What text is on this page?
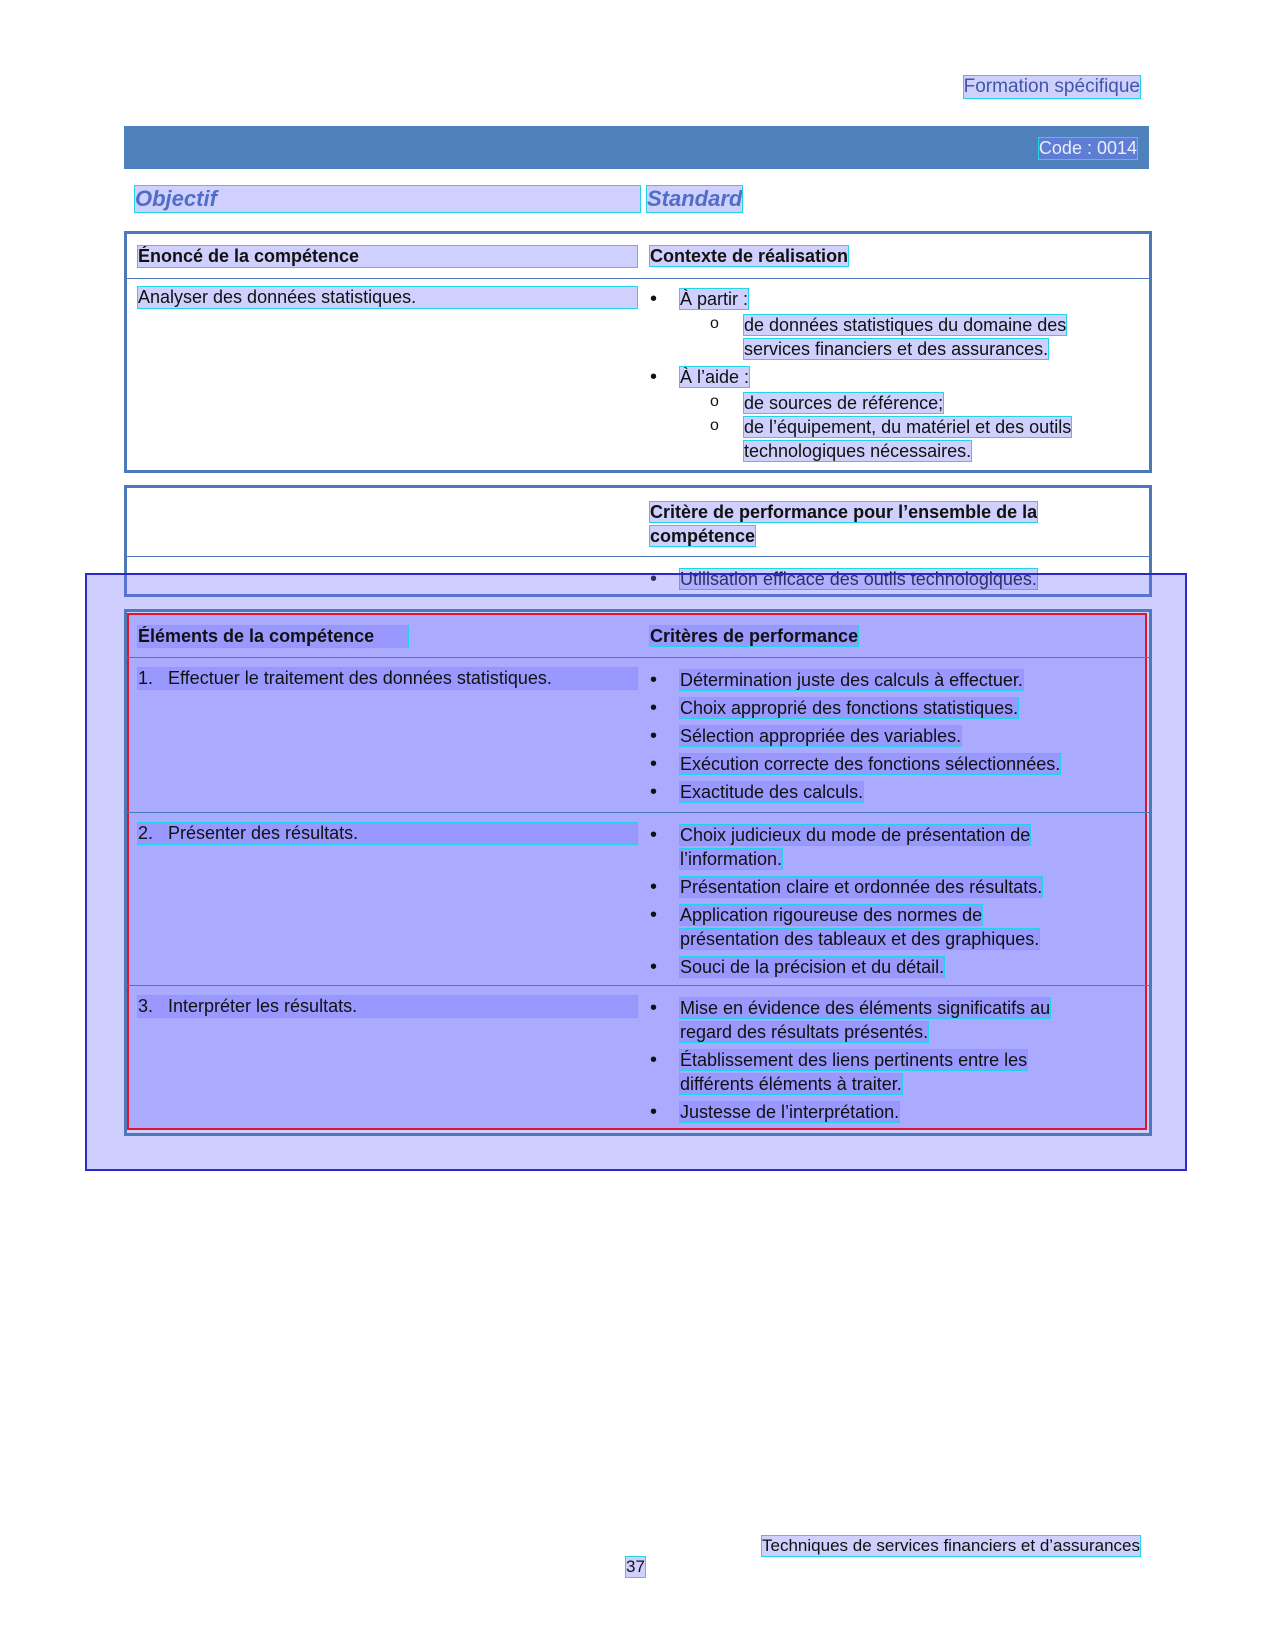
Formation spécifique
Code : 0014
Objectif	Standard
Énoncé de la compétence	Contexte de réalisation
Analyser des données statistiques.	• À partir :
o de données statistiques du domaine des services financiers et des assurances.
• À l’aide :
o de sources de référence;
o de l’équipement, du matériel et des outils technologiques nécessaires.
Critère de performance pour l’ensemble de la compétence
• Utilisation efficace des outils technologiques.
Éléments de la compétence	Critères de performance
1. Effectuer le traitement des données statistiques.	• Détermination juste des calculs à effectuer.
• Choix approprié des fonctions statistiques.
• Sélection appropriée des variables.
• Exécution correcte des fonctions sélectionnées.
• Exactitude des calculs.
2. Présenter des résultats.	• Choix judicieux du mode de présentation de l’information.
• Présentation claire et ordonnée des résultats.
• Application rigoureuse des normes de présentation des tableaux et des graphiques.
• Souci de la précision et du détail.
3. Interpréter les résultats.	• Mise en évidence des éléments significatifs au regard des résultats présentés.
• Établissement des liens pertinents entre les différents éléments à traiter.
• Justesse de l’interprétation.
Techniques de services financiers et d’assurances
37
